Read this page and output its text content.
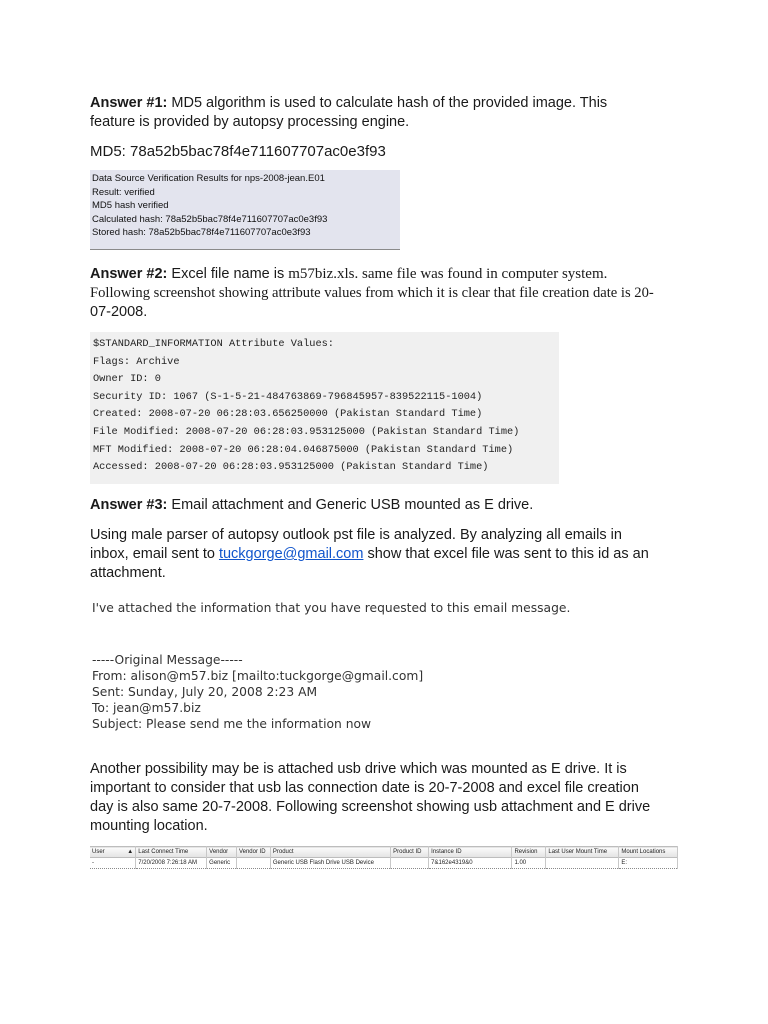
Answer #1: MD5 algorithm is used to calculate hash of the provided image. This
feature is provided by autopsy processing engine.
MD5: 78a52b5bac78f4e711607707ac0e3f93
Data Source Verification Results for nps-2008-jean.E01
Result: verified
MD5 hash verified
Calculated hash: 78a52b5bac78f4e711607707ac0e3f93
Stored hash: 78a52b5bac78f4e711607707ac0e3f93
Answer #2: Excel file name is m57biz.xls. same file was found in computer system.
Following screenshot showing attribute values from which it is clear that file creation date is 20-
07-2008.
$STANDARD_INFORMATION Attribute Values:
Flags: Archive
Owner ID: 0
Security ID: 1067 (S-1-5-21-484763869-796845957-839522115-1004)
Created: 2008-07-20 06:28:03.656250000 (Pakistan Standard Time)
File Modified: 2008-07-20 06:28:03.953125000 (Pakistan Standard Time)
MFT Modified: 2008-07-20 06:28:04.046875000 (Pakistan Standard Time)
Accessed: 2008-07-20 06:28:03.953125000 (Pakistan Standard Time)
Answer #3: Email attachment and Generic USB mounted as E drive.
Using male parser of autopsy outlook pst file is analyzed. By analyzing all emails in
inbox, email sent to tuckgorge@gmail.com show that excel file was sent to this id as an
attachment.
I've attached the information that you have requested to this email message.
-----Original Message-----
From: alison@m57.biz [mailto:tuckgorge@gmail.com]
Sent: Sunday, July 20, 2008 2:23 AM
To: jean@m57.biz
Subject: Please send me the information now
Another possibility may be is attached usb drive which was mounted as E drive. It is
important to consider that usb las connection date is 20-7-2008 and excel file creation
day is also same 20-7-2008. Following screenshot showing usb attachment and E drive
mounting location.
User ▲	Last Connect Time	Vendor	Vendor ID	Product	Product ID	Instance ID	Revision	Last User Mount Time	Mount Locations
-	7/20/2008 7:26:18 AM	Generic		Generic USB Flash Drive USB Device		7&162e4319&0	1.00		E:
